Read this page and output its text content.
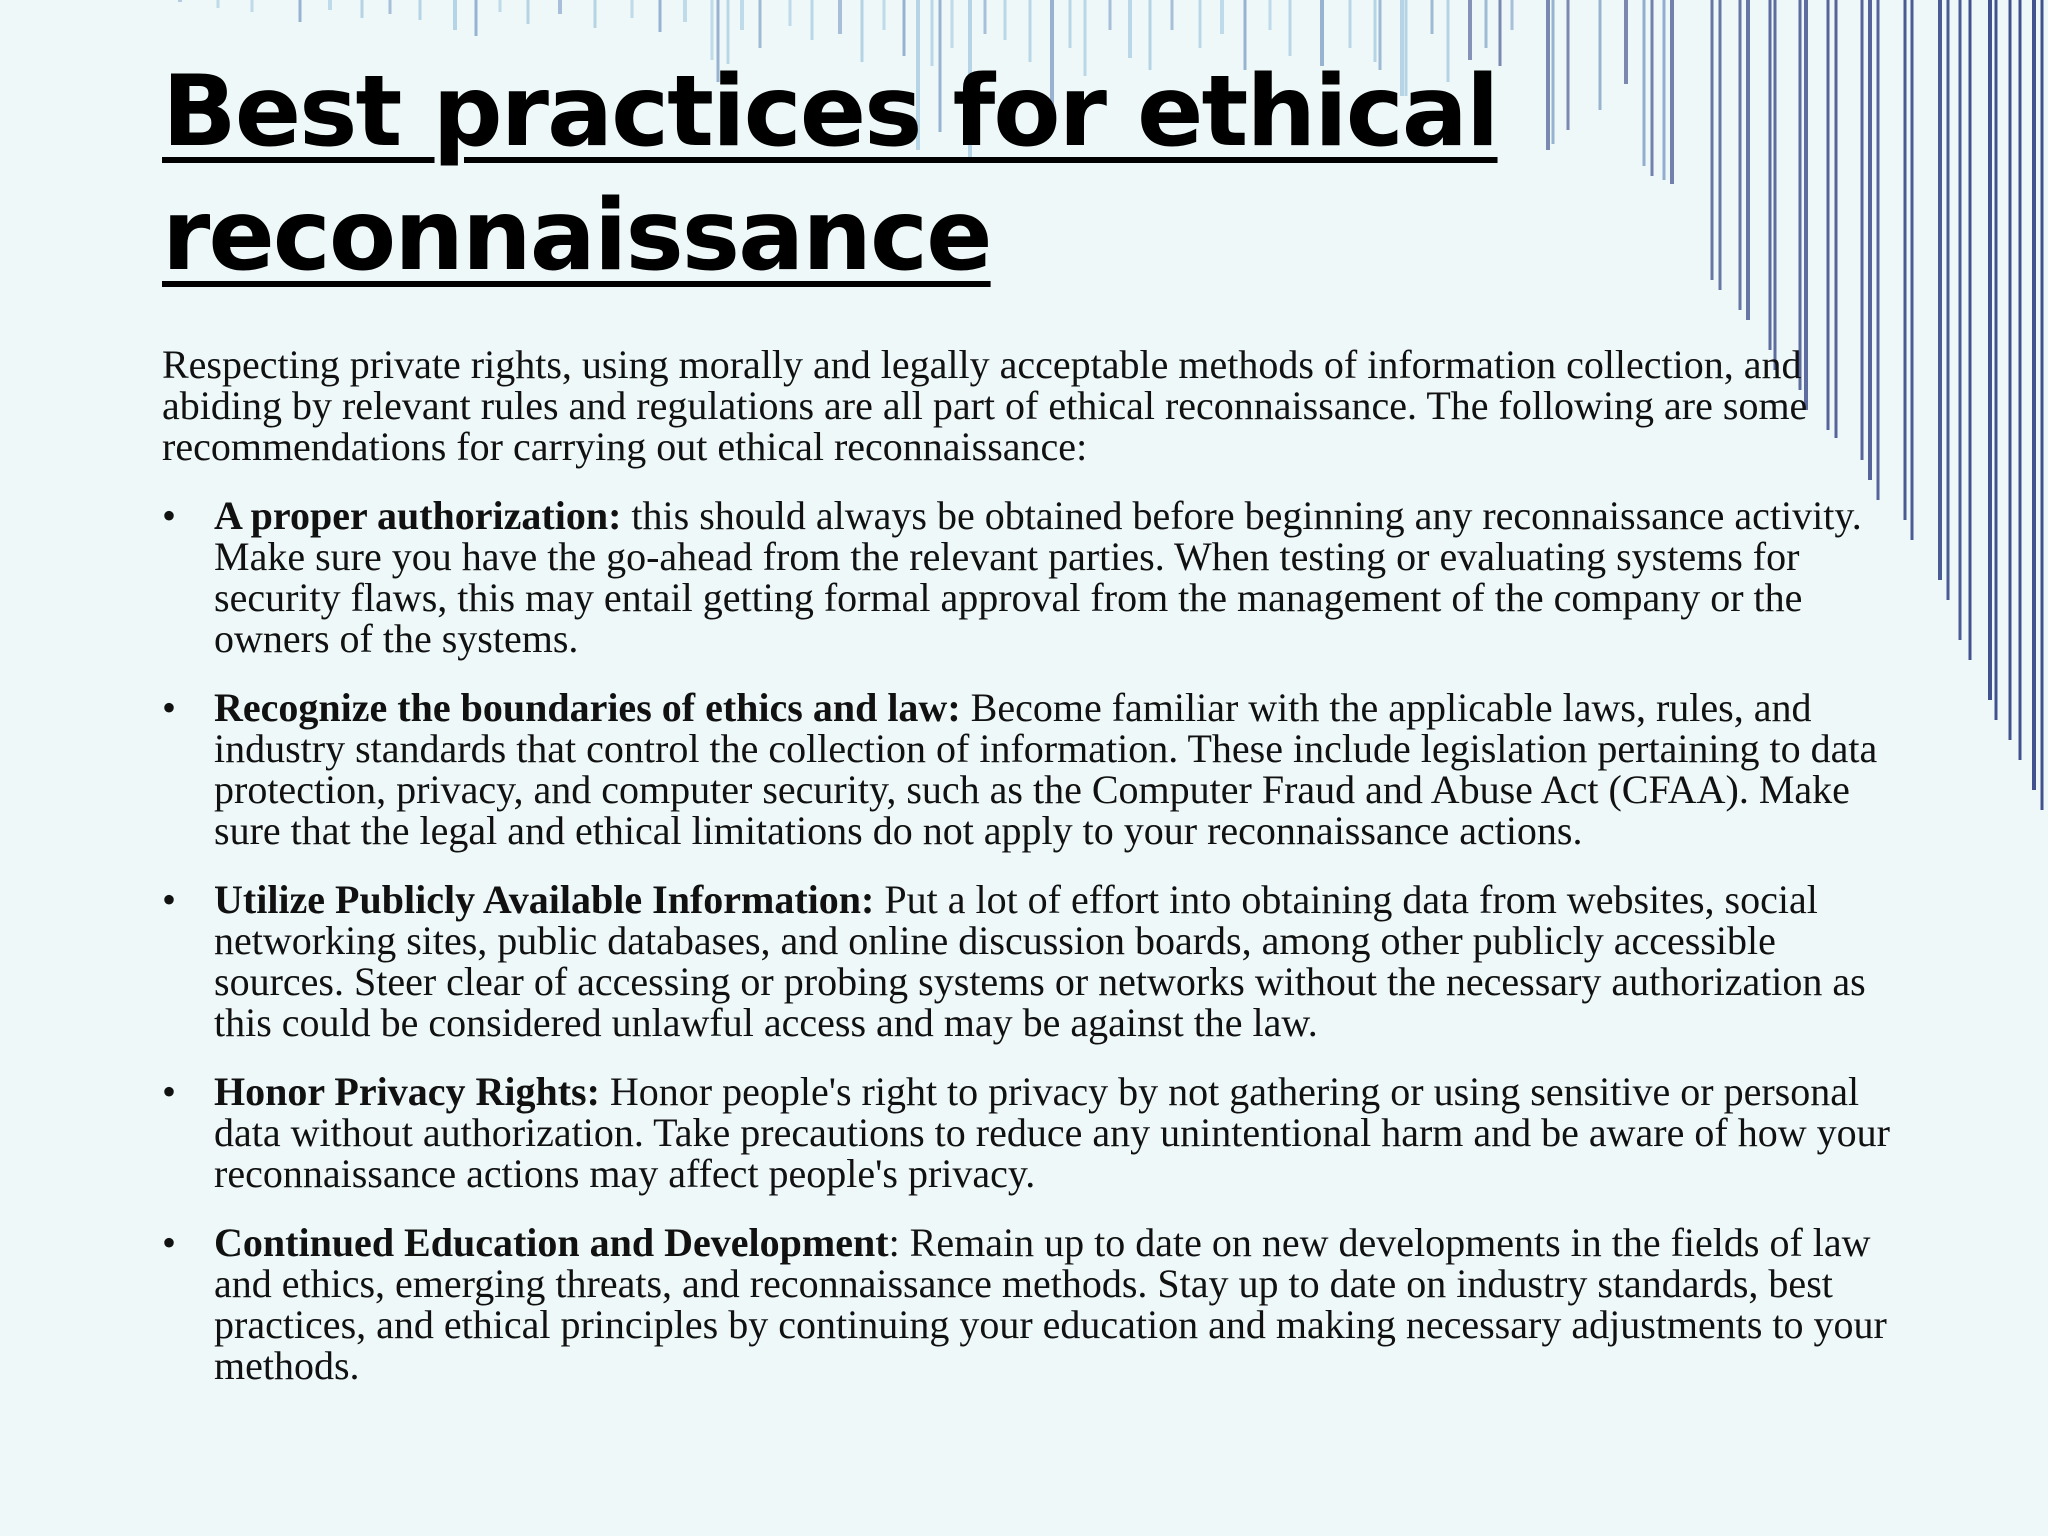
Best practices for ethical reconnaissance

Respecting private rights, using morally and legally acceptable methods of information collection, and abiding by relevant rules and regulations are all part of ethical reconnaissance. The following are some recommendations for carrying out ethical reconnaissance:

• A proper authorization: this should always be obtained before beginning any reconnaissance activity. Make sure you have the go-ahead from the relevant parties. When testing or evaluating systems for security flaws, this may entail getting formal approval from the management of the company or the owners of the systems.
• Recognize the boundaries of ethics and law: Become familiar with the applicable laws, rules, and industry standards that control the collection of information. These include legislation pertaining to data protection, privacy, and computer security, such as the Computer Fraud and Abuse Act (CFAA). Make sure that the legal and ethical limitations do not apply to your reconnaissance actions.
• Utilize Publicly Available Information: Put a lot of effort into obtaining data from websites, social networking sites, public databases, and online discussion boards, among other publicly accessible sources. Steer clear of accessing or probing systems or networks without the necessary authorization as this could be considered unlawful access and may be against the law.
• Honor Privacy Rights: Honor people's right to privacy by not gathering or using sensitive or personal data without authorization. Take precautions to reduce any unintentional harm and be aware of how your reconnaissance actions may affect people's privacy.
• Continued Education and Development: Remain up to date on new developments in the fields of law and ethics, emerging threats, and reconnaissance methods. Stay up to date on industry standards, best practices, and ethical principles by continuing your education and making necessary adjustments to your methods.
